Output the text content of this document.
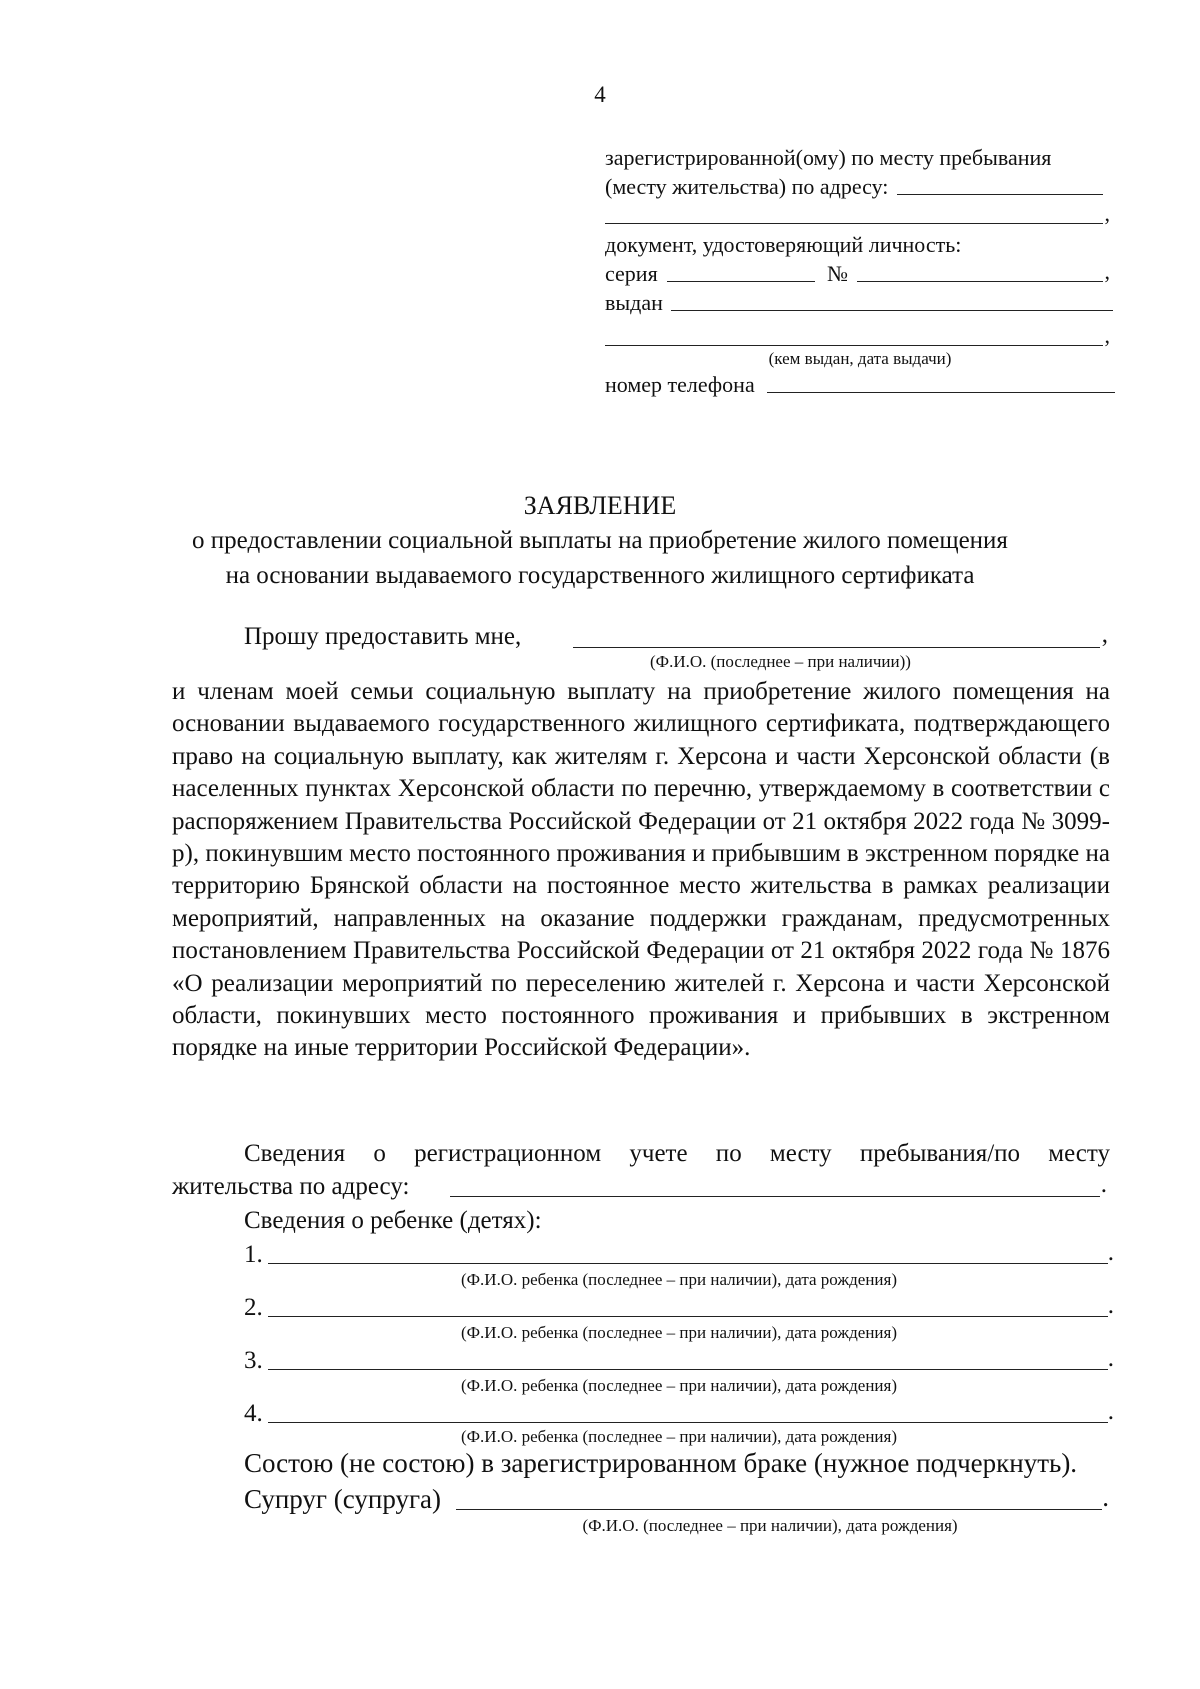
4
зарегистрированной(ому) по месту пребывания
(месту жительства) по адресу:
,
документ, удостоверяющий личность:
серия	№	,
выдан
,
(кем выдан, дата выдачи)
номер телефона
ЗАЯВЛЕНИЕ
о предоставлении социальной выплаты на приобретение жилого помещения
на основании выдаваемого государственного жилищного сертификата
Прошу предоставить мне,	,
(Ф.И.О. (последнее – при наличии))
и членам моей семьи социальную выплату на приобретение жилого помещения на основании выдаваемого государственного жилищного сертификата, подтверждающего право на социальную выплату, как жителям г. Херсона и части Херсонской области (в населенных пунктах Херсонской области по перечню, утверждаемому в соответствии с распоряжением Правительства Российской Федерации от 21 октября 2022 года № 3099-р), покинувшим место постоянного проживания и прибывшим в экстренном порядке на территорию Брянской области на постоянное место жительства в рамках реализации мероприятий, направленных на оказание поддержки гражданам, предусмотренных постановлением Правительства Российской Федерации от 21 октября 2022 года № 1876 «О реализации мероприятий по переселению жителей г. Херсона и части Херсонской области, покинувших место постоянного проживания и прибывших в экстренном порядке на иные территории Российской Федерации».
Сведения о регистрационном учете по месту пребывания/по месту
жительства по адресу:	.
Сведения о ребенке (детях):
1.	.
(Ф.И.О. ребенка (последнее – при наличии), дата рождения)
2.	.
(Ф.И.О. ребенка (последнее – при наличии), дата рождения)
3.	.
(Ф.И.О. ребенка (последнее – при наличии), дата рождения)
4.	.
(Ф.И.О. ребенка (последнее – при наличии), дата рождения)
Состою (не состою) в зарегистрированном браке (нужное подчеркнуть).
Супруг (супруга)	.
(Ф.И.О. (последнее – при наличии), дата рождения)
